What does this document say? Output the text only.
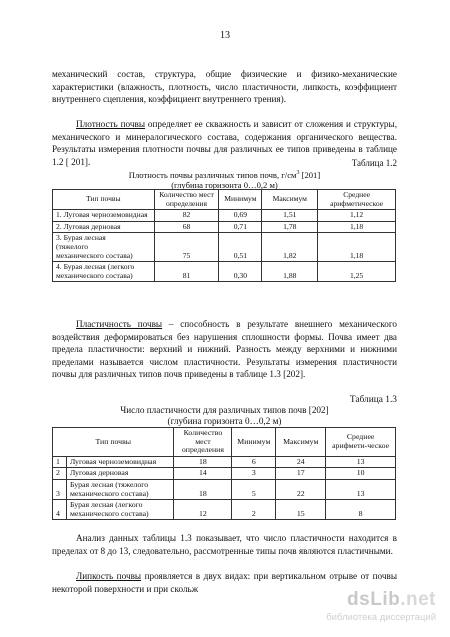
13
механический состав, структура, общие физические и физико-механические характеристики (влажность, плотность, число пластичности, липкость, коэффициент внутреннего сцепления, коэффициент внутреннего трения).
Плотность почвы определяет ее скважность и зависит от сложения и структуры, механического и минералогического состава, содержания органического вещества. Результаты измерения плотности почвы для различных ее типов приведены в таблице 1.2 [ 201].	Таблица 1.2
Плотность почвы различных типов почв, $г/см^3$ [201]
(глубина горизонта 0…0,2 м)
Тип почвы	Количество мест определения	Минимум	Максимум	Среднее арифметическое
1. Луговая черноземовидная	82	0,69	1,51	1,12
2. Луговая дерновая	68	0,71	1,78	1,18
3. Бурая лесная (тяжелого механического состава)	75	0,51	1,82	1,18
4. Бурая лесная (легкого механического состава)	81	0,30	1,88	1,25
Пластичность почвы – способность в результате внешнего механического воздействия деформироваться без нарушения сплошности формы. Почва имеет два предела пластичности: верхний и нижний. Разность между верхними и нижними пределами называется числом пластичности. Результаты измерения пластичности почвы для различных типов почв приведены в таблице 1.3 [202].
Таблица 1.3
Число пластичности для различных типов почв [202]
(глубина горизонта 0…0,2 м)
Тип почвы		Количество мест определения	Минимум	Максимум	Среднее арифмети-ческое
1	Луговая черноземовидная	18	6	24	13
2	Луговая дерновая	14	3	17	10
3	Бурая лесная (тяжелого механического состава)	18	5	22	13
4	Бурая лесная (легкого механического состава)	12	2	15	8
Анализ данных таблицы 1.3 показывает, что число пластичности находится в пределах от 8 до 13, следовательно, рассмотренные типы почв являются пластичными.
Липкость почвы проявляется в двух видах: при вертикальном отрыве от почвы некоторой поверхности и при скольж
dsLib.net
библиотека диссертаций
